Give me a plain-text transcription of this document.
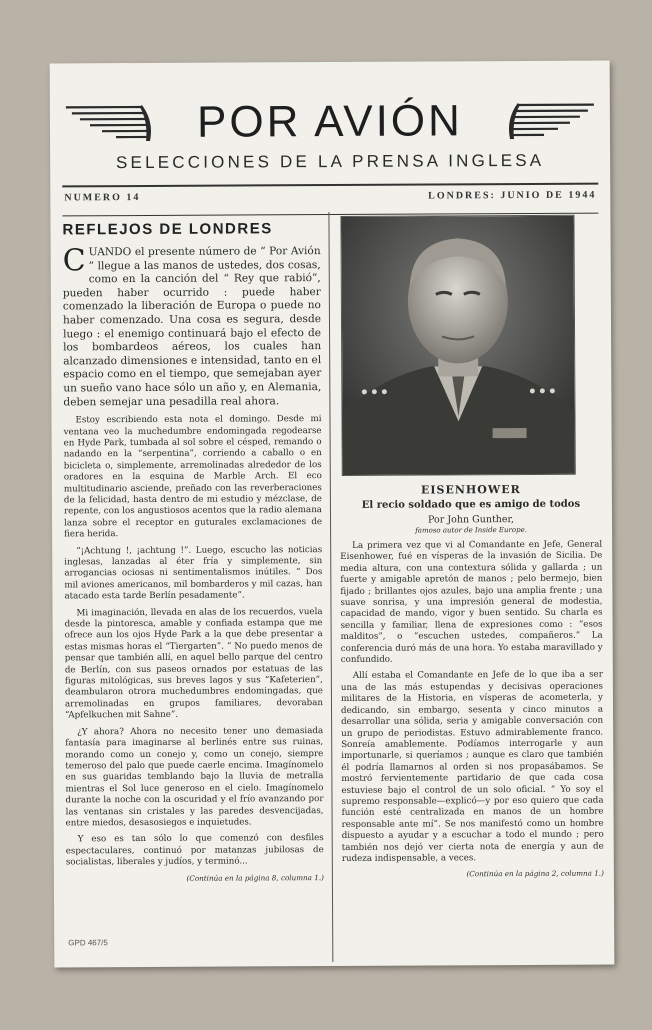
POR AVIÓN
SELECCIONES DE LA PRENSA INGLESA
NUMERO 14	LONDRES: JUNIO DE 1944
REFLEJOS DE LONDRES

CUANDO el presente número de “ Por Avión ” llegue a las manos de ustedes, dos cosas, como en la canción del “ Rey que rabió”, pueden haber ocurrido : puede haber comenzado la liberación de Europa o puede no haber comenzado. Una cosa es segura, desde luego : el enemigo continuará bajo el efecto de los bombardeos aéreos, los cuales han alcanzado dimensiones e intensidad, tanto en el espacio como en el tiempo, que semejaban ayer un sueño vano hace sólo un año y, en Alemania, deben semejar una pesadilla real ahora.

Estoy escribiendo esta nota el domingo. Desde mi ventana veo la muchedumbre endomingada regodearse en Hyde Park, tumbada al sol sobre el césped, remando o nadando en la “serpentina”, corriendo a caballo o en bicicleta o, simplemente, arremolinadas alrededor de los oradores en la esquina de Marble Arch. El eco multitudinario asciende, preñado con las reverberaciones de la felicidad, hasta dentro de mi estudio y mézclase, de repente, con los angustiosos acentos que la radio alemana lanza sobre el receptor en guturales exclamaciones de fiera herida.

“¡Achtung !, ¡achtung !”. Luego, escucho las noticias inglesas, lanzadas al éter fría y simplemente, sin arrogancias ociosas ni sentimentalismos inútiles. “ Dos mil aviones americanos, mil bombarderos y mil cazas, han atacado esta tarde Berlín pesadamente”.

Mi imaginación, llevada en alas de los recuerdos, vuela desde la pintoresca, amable y confiada estampa que me ofrece aun los ojos Hyde Park a la que debe presentar a estas mismas horas el “Tiergarten”. “ No puedo menos de pensar que también allí, en aquel bello parque del centro de Berlín, con sus paseos ornados por estatuas de las figuras mitológicas, sus breves lagos y sus “Kafeterien”, deambularon otrora muchedumbres endomingadas, que arremolinadas en grupos familiares, devoraban “Apfelkuchen mit Sahne”.

¿Y ahora? Ahora no necesito tener uno demasiada fantasía para imaginarse al berlinés entre sus ruinas, morando como un conejo y, como un conejo, siempre temeroso del palo que puede caerle encima. Imagínomelo en sus guaridas temblando bajo la lluvia de metralla mientras el Sol luce generoso en el cielo. Imagínomelo durante la noche con la oscuridad y el frío avanzando por las ventanas sin cristales y las paredes desvencijadas, entre miedos, desasosiegos e inquietudes.

Y eso es tan sólo lo que comenzó con desfiles espectaculares, continuó por matanzas jubilosas de socialistas, liberales y judíos, y terminó...

(Continúa en la página 8, columna 1.)

EISENHOWER
El recio soldado que es amigo de todos
Por John Gunther,
famoso autor de Inside Europe.

La primera vez que vi al Comandante en Jefe, General Eisenhower, fué en vísperas de la invasión de Sicilia. De media altura, con una contextura sólida y gallarda ; un fuerte y amigable apretón de manos ; pelo bermejo, bien fijado ; brillantes ojos azules, bajo una amplia frente ; una suave sonrisa, y una impresión general de modestia, capacidad de mando, vigor y buen sentido. Su charla es sencilla y familiar, llena de expresiones como : “esos malditos”, o “escuchen ustedes, compañeros.” La conferencia duró más de una hora. Yo estaba maravillado y confundido.

Allí estaba el Comandante en Jefe de lo que iba a ser una de las más estupendas y decisivas operaciones militares de la Historia, en vísperas de acometerla, y dedicando, sin embargo, sesenta y cinco minutos a desarrollar una sólida, seria y amigable conversación con un grupo de periodistas. Estuvo admirablemente franco. Sonreía amablemente. Podíamos interrogarle y aun importunarle, si queríamos ; aunque es claro que también él podría llamarnos al orden si nos propasábamos. Se mostró fervientemente partidario de que cada cosa estuviese bajo el control de un solo oficial. “ Yo soy el supremo responsable—explicó—y por eso quiero que cada función esté centralizada en manos de un hombre responsable ante mí”. Se nos manifestó como un hombre dispuesto a ayudar y a escuchar a todo el mundo ; pero también nos dejó ver cierta nota de energía y aun de rudeza indispensable, a veces.

(Continúa en la página 2, columna 1.)

GPD 467/5
